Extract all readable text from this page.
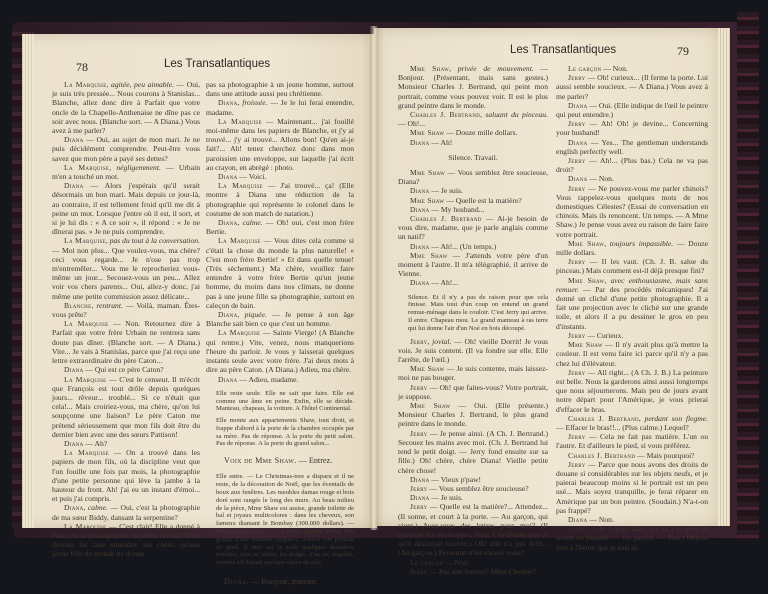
78	Les Transatlantiques

La Marquise, agitée, peu aimable. — Oui, je suis très pressée... Nous courons à Stanislas... Blanche, allez donc dire à Parfait que votre oncle de la Chapelle-Anthenaise ne dîne pas ce soir avec nous. (Blanche sort. — A Diana.) Vous avez à me parler?

Diana — Oui, au sujet de mon mari. Je ne puis décidément comprendre. Peut-être vous savez que mon père a payé ses dettes?

La Marquise, négligemment. — Urbain m'en a touché un mot.

Diana — Alors j'espérais qu'il serait désormais un bon mari. Mais depuis ce jour-là, au contraire, il est tellement froid qu'il me dit à peine un mot. Lorsque j'entre où il est, il sort, et si je lui dis : « A ce soir », il répond : « Je ne dînerai pas. » Je ne puis comprendre.

La Marquise, pas du tout à la conversation. — Moi non plus... Que voulez-vous, ma chère? ceci vous regarde... Je n'ose pas trop m'entremêler... Vous me le reprocheriez vous-même un jour... Secouez-vous un peu... Allez voir vos chers parents... Oui, allez-y donc, j'ai même une petite commission assez délicate...

Blanche, rentrant. — Voilà, maman. Êtes-vous prête?

La Marquise — Non. Retournez dire à Parfait que votre frère Urbain ne rentrera sans doute pas dîner. (Blanche sort. — A Diana.) Vite... Je vais à Stanislas, parce que j'ai reçu une lettre extraordinaire du père Caton...

Diana — Qui est ce père Caton?

La Marquise — C'est le censeur. Il m'écrit que François est tout drôle depuis quelques jours... rêveur... troublé... Si ce n'était que cela!... Mais croiriez-vous, ma chère, qu'on lui soupçonne une liaison? Le père Caton me prétend sérieusement que mon fils doit être du dernier bien avec une des sœurs Pattison!

Diana — Ah?

La Marquise — On a trouvé dans les papiers de mon fils, où la discipline veut que l'on fouille une fois par mois, la photographie d'une petite personne qui lève la jambe à la hauteur du front. Ah! j'ai eu un instant d'émoi... et puis j'ai compris.

Diana, calme. — Oui, c'est la photographie de ma sœur Biddy, dansant la serpentine?

La Marquise — C'est clair! Elle a donné à François sa photographie, la jambe en l'air! Vous devriez lui faire entendre, ma chère, qu'une jeune fille du monde ne donne

pas sa photographie à un jeune homme, surtout dans une attitude aussi peu chrétienne.

Diana, froissée. — Je le lui ferai entendre, madame.

La Marquise — Maintenant... j'ai fouillé moi-même dans les papiers de Blanche, et j'y ai trouvé... j'y ai trouvé... Allons bon! Qu'en ai-je fait?... Ah! tenez cherchez donc dans mon paroissien une enveloppe, sur laquelle j'ai écrit au crayon, en abrégé : photo.

Diana — Voici.

La Marquise — J'ai trouvé... ça! (Elle montre à Diana une réduction de la photographie qui représente le colonel dans le costume de son match de natation.)

Diana, calme. — Oh! oui, c'est mon frère Bertie.

La Marquise — Vous dites cela comme si c'était la chose du monde la plus naturelle! « C'est mon frère Bertie! » Et dans quelle tenue! (Très sèchement.) Ma chère, veuillez faire entendre à votre frère Bertie qu'un jeune homme, du moins dans nos climats, ne donne pas à une jeune fille sa photographie, surtout en caleçon de bain.

Diana, piquée. — Je pense à son âge Blanche sait bien ce que c'est un homme.

La Marquise — Sainte Vierge! (A Blanche qui rentre.) Vite, venez, nous manquerions l'heure du parloir. Je vous y laisserai quelques instants seule avec votre frère. J'ai deux mots à dire au père Caton. (A Diana.) Adieu, ma chère.

Diana — Adieu, madame.

Elle reste seule. Elle ne sait que faire. Elle est comme une âme en peine. Enfin, elle se décide. Manteau, chapeau, la voiture. A l'hôtel Continental.

Elle monte aux appartements Shaw, tout droit, et frappe d'abord à la porte de la chambre occupée par sa mère. Pas de réponse. A la porte du petit salon. Pas de réponse. A la porte du grand salon...

Voix de Mme Shaw. — Entrez.

Elle entre. — Le Christmas-tree a disparu et il ne reste, de la décoration de Noël, que les éventails de houx aux fenêtres. Les meubles damas rouge et bois doré sont rangés le long des murs. Au beau milieu de la pièce, Mme Shaw est assise, grande toilette de bal et joyaux multicolores : dans les cheveux, son fameux diamant le Bombay (300.000 dollars). — Mme Shaw pose. — Un jeune peintre blond, très grand, d'une extrême élégance, achève son portrait en pied. Il met sur la toile quelques dernières touches, sans se tacher les doigts, d'un air dégoûté, comme s'il faisait quelque chose de sale.

Diana. — Bonjour, maman.

Les Transatlantiques	79

Mme Shaw, privée de mouvement. — Bonjour. (Présentant, mais sans gestes.) Monsieur Charles J. Bertrand, qui peint mon portrait, comme vous pouvez voir. Il est le plus grand peintre dans le monde.

Charles J. Bertrand, saluant du pinceau. — Oh!...

Mme Shaw — Douze mille dollars.

Diana — Ah!

Silence. Travail.

Mme Shaw — Vous semblez être soucieuse, Diana?

Diana — Je suis.

Mme Shaw — Quelle est la matière?

Diana — My husband...

Charles J. Bertrand — Ai-je besoin de vous dire, madame, que je parle anglais comme un natif?

Diana — Ah!... (Un temps.)

Mme Shaw — J'attends votre père d'un moment à l'autre. Il m'a télégraphié, il arrive de Vienne.

Diana — Ah!...

Silence. Et il n'y a pas de raison pour que cela finisse. Mais tout d'un coup on entend un grand remue-ménage dans le couloir. C'est Jerry qui arrive. Il entre. Chapeau mou. Le grand manteau à ras terre qui lui donne l'air d'un Noé en bois découpé.

Jerry, jovial. — Oh! vieille Dorrit! Je vous vois. Je suis content. (Il va fondre sur elle. Elle l'arrête, de l'œil.)

Mme Shaw — Je suis contente, mais laissez-moi ne pas bouger.

Jerry — Oh! que faites-vous? Votre portrait, je suppose.

Mme Shaw — Oui. (Elle présente.) Monsieur Charles J. Bertrand, le plus grand peintre dans le monde.

Jerry — Je pense ainsi. (A Ch. J. Bertrand.) Secouez les mains avec moi. (Ch. J. Bertrand lui tend le petit doigt. — Jerry fond ensuite sur sa fille.) Oh! chère, chère Diana! Vieille petite chère chose!

Diana — Vieux p'paw!

Jerry — Vous semblez être soucieuse?

Diana — Je suis.

Jerry — Quelle est la matière?... Attendez... (Il sonne, et court à la porte. — Au garçon, qui vient.) Avez-vous des lettres pour moi? (Il examine les enveloppes, mais il ne trouve pas ce qu'il désirerait trouver.) Oh! elle n'a pas écrit... (Au garçon.) Personne n'est encore venu?

Le garçon — Non.

Jerry — Pas une femme? Mme Chesnet?

Le garçon — Non.

Jerry — Oh! curieux... (Il ferme la porte. Lui aussi semble soucieux. — A Diana.) Vous avez à me parler?

Diana — Oui. (Elle indique de l'œil le peintre qui peut entendre.)

Jerry — Ah! Oh! je devine... Concerning your husband!

Diana — Yes... The gentleman understands english perfectly well.

Jerry — Ah!... (Plus bas.) Cela ne va pas droit?

Diana — Non.

Jerry — Ne pouvez-vous me parler chinois? Vous rappelez-vous quelques mots de nos domestiques Célestes? (Essai de conversation en chinois. Mais ils renoncent. Un temps. — A Mme Shaw.) Je pense vous avez eu raison de faire faire votre portrait.

Mme Shaw, toujours impassible. — Douze mille dollars.

Jerry — Il les vaut. (Ch. J. B. salue du pinceau.) Mais comment est-il déjà presque fini?

Mme Shaw, avec enthousiasme, mais sans remuer. — Par des procédés mécaniques! J'ai donné un cliché d'une petite photographie. Il a fait une projection avec le cliché sur une grande toile, et alors il a pu dessiner le gros en peu d'instants.

Jerry — Curieux.

Mme Shaw — Il n'y avait plus qu'à mettre la couleur. Il est venu faire ici parce qu'il n'y a pas chez lui d'élévateur.

Jerry — All right... (A Ch. J. B.) La peinture est belle. Nous la garderons ainsi aussi longtemps que nous séjournerons. Mais peu de jours avant notre départ pour l'Amérique, je vous prierai d'effacer le bras.

Charles J. Bertrand, perdant son flegme. — Effacer le bras!!... (Plus calme.) Lequel?

Jerry — Cela ne fait pas matière. L'un ou l'autre. Et d'ailleurs le pied, si vous préférez.

Charles J. Bertrand — Mais pourquoi?

Jerry — Parce que nous avons des droits de douane si considérables sur les objets neufs, et je paierai beaucoup moins si le portrait est un peu usé... Mais soyez tranquille, je ferai réparer en Amérique par un bon peintre. (Soudain.) N'a-t-on pas frappé?

Diana — Non.

Jerry — Je croyais ainsi. (Il va à la porte et sonne en passant. — Le garçon. — Bas.) Depuis tout à l'heure que je suis ar-
